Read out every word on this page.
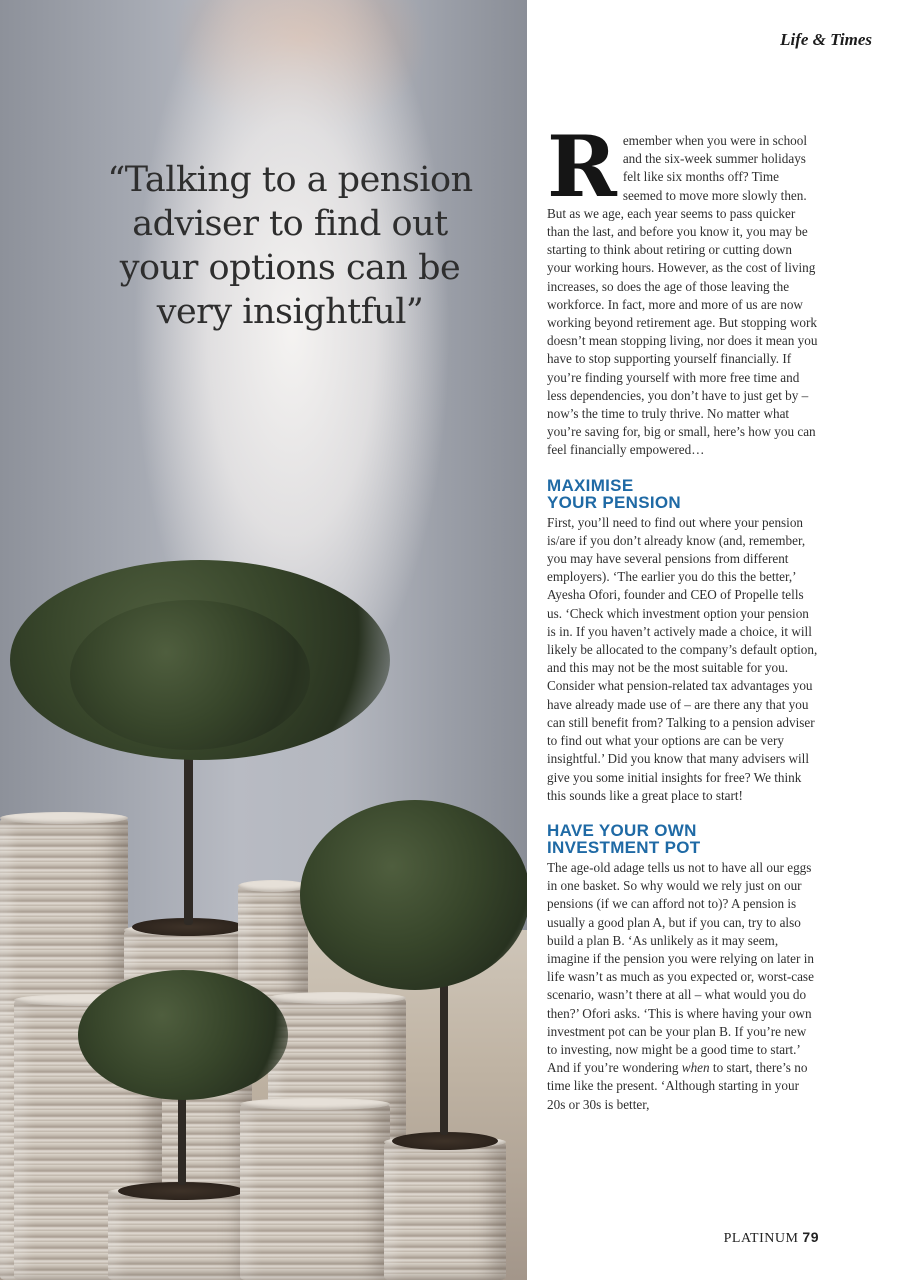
“Talking to a pension
adviser to find out
your options can be
very insightful”
Life & Times

Remember when you were in school and the six-week summer holidays felt like six months off? Time seemed to move more slowly then. But as we age, each year seems to pass quicker than the last, and before you know it, you may be starting to think about retiring or cutting down your working hours. However, as the cost of living increases, so does the age of those leaving the workforce. In fact, more and more of us are now working beyond retirement age. But stopping work doesn’t mean stopping living, nor does it mean you have to stop supporting yourself financially. If you’re finding yourself with more free time and less dependencies, you don’t have to just get by – now’s the time to truly thrive. No matter what you’re saving for, big or small, here’s how you can feel financially empowered…

MAXIMISE
YOUR PENSION

First, you’ll need to find out where your pension is/are if you don’t already know (and, remember, you may have several pensions from different employers). ‘The earlier you do this the better,’ Ayesha Ofori, founder and CEO of Propelle tells us. ‘Check which investment option your pension is in. If you haven’t actively made a choice, it will likely be allocated to the company’s default option, and this may not be the most suitable for you. Consider what pension-related tax advantages you have already made use of – are there any that you can still benefit from? Talking to a pension adviser to find out what your options are can be very insightful.’ Did you know that many advisers will give you some initial insights for free? We think this sounds like a great place to start!

HAVE YOUR OWN
INVESTMENT POT

The age-old adage tells us not to have all our eggs in one basket. So why would we rely just on our pensions (if we can afford not to)? A pension is usually a good plan A, but if you can, try to also build a plan B. ‘As unlikely as it may seem, imagine if the pension you were relying on later in life wasn’t as much as you expected or, worst-case scenario, wasn’t there at all – what would you do then?’ Ofori asks. ‘This is where having your own investment pot can be your plan B. If you’re new to investing, now might be a good time to start.’ And if you’re wondering when to start, there’s no time like the present. ‘Although starting in your 20s or 30s is better,

PLATINUM 79
